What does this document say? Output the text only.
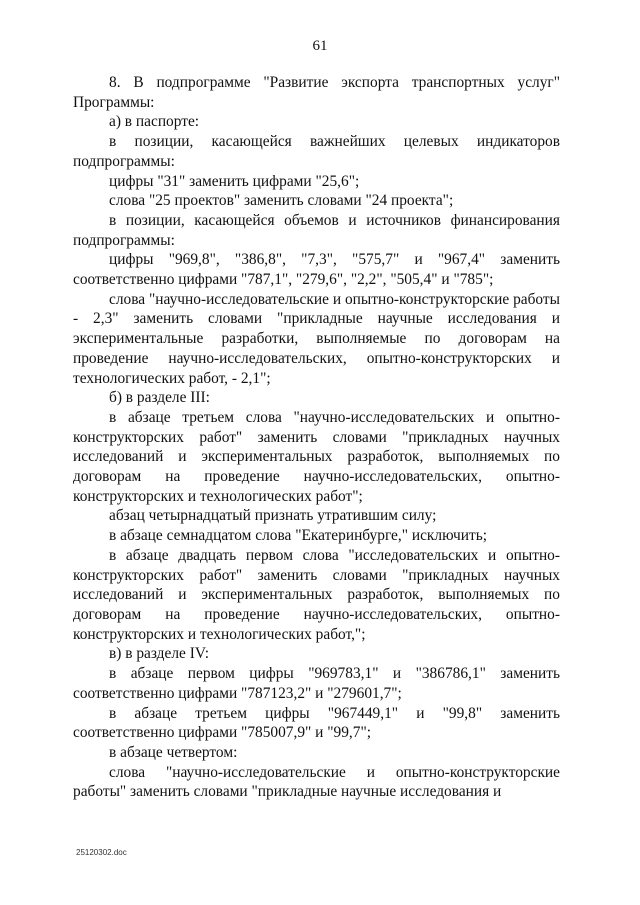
61

8. В подпрограмме "Развитие экспорта транспортных услуг" Программы:

а) в паспорте:

в позиции, касающейся важнейших целевых индикаторов подпрограммы:

цифры "31" заменить цифрами "25,6";

слова "25 проектов" заменить словами "24 проекта";

в позиции, касающейся объемов и источников финансирования подпрограммы:

цифры "969,8", "386,8", "7,3", "575,7" и "967,4" заменить соответственно цифрами "787,1", "279,6", "2,2", "505,4" и "785";

слова "научно-исследовательские и опытно-конструкторские работы - 2,3" заменить словами "прикладные научные исследования и экспериментальные разработки, выполняемые по договорам на проведение научно-исследовательских, опытно-конструкторских и технологических работ, - 2,1";

б) в разделе III:

в абзаце третьем слова "научно-исследовательских и опытно-конструкторских работ" заменить словами "прикладных научных исследований и экспериментальных разработок, выполняемых по договорам на проведение научно-исследовательских, опытно-конструкторских и технологических работ";

абзац четырнадцатый признать утратившим силу;

в абзаце семнадцатом слова "Екатеринбурге," исключить;

в абзаце двадцать первом слова "исследовательских и опытно-конструкторских работ" заменить словами "прикладных научных исследований и экспериментальных разработок, выполняемых по договорам на проведение научно-исследовательских, опытно-конструкторских и технологических работ,";

в) в разделе IV:

в абзаце первом цифры "969783,1" и "386786,1" заменить соответственно цифрами "787123,2" и "279601,7";

в абзаце третьем цифры "967449,1" и "99,8" заменить соответственно цифрами "785007,9" и "99,7";

в абзаце четвертом:

слова "научно-исследовательские и опытно-конструкторские работы" заменить словами "прикладные научные исследования и

25120302.doc
